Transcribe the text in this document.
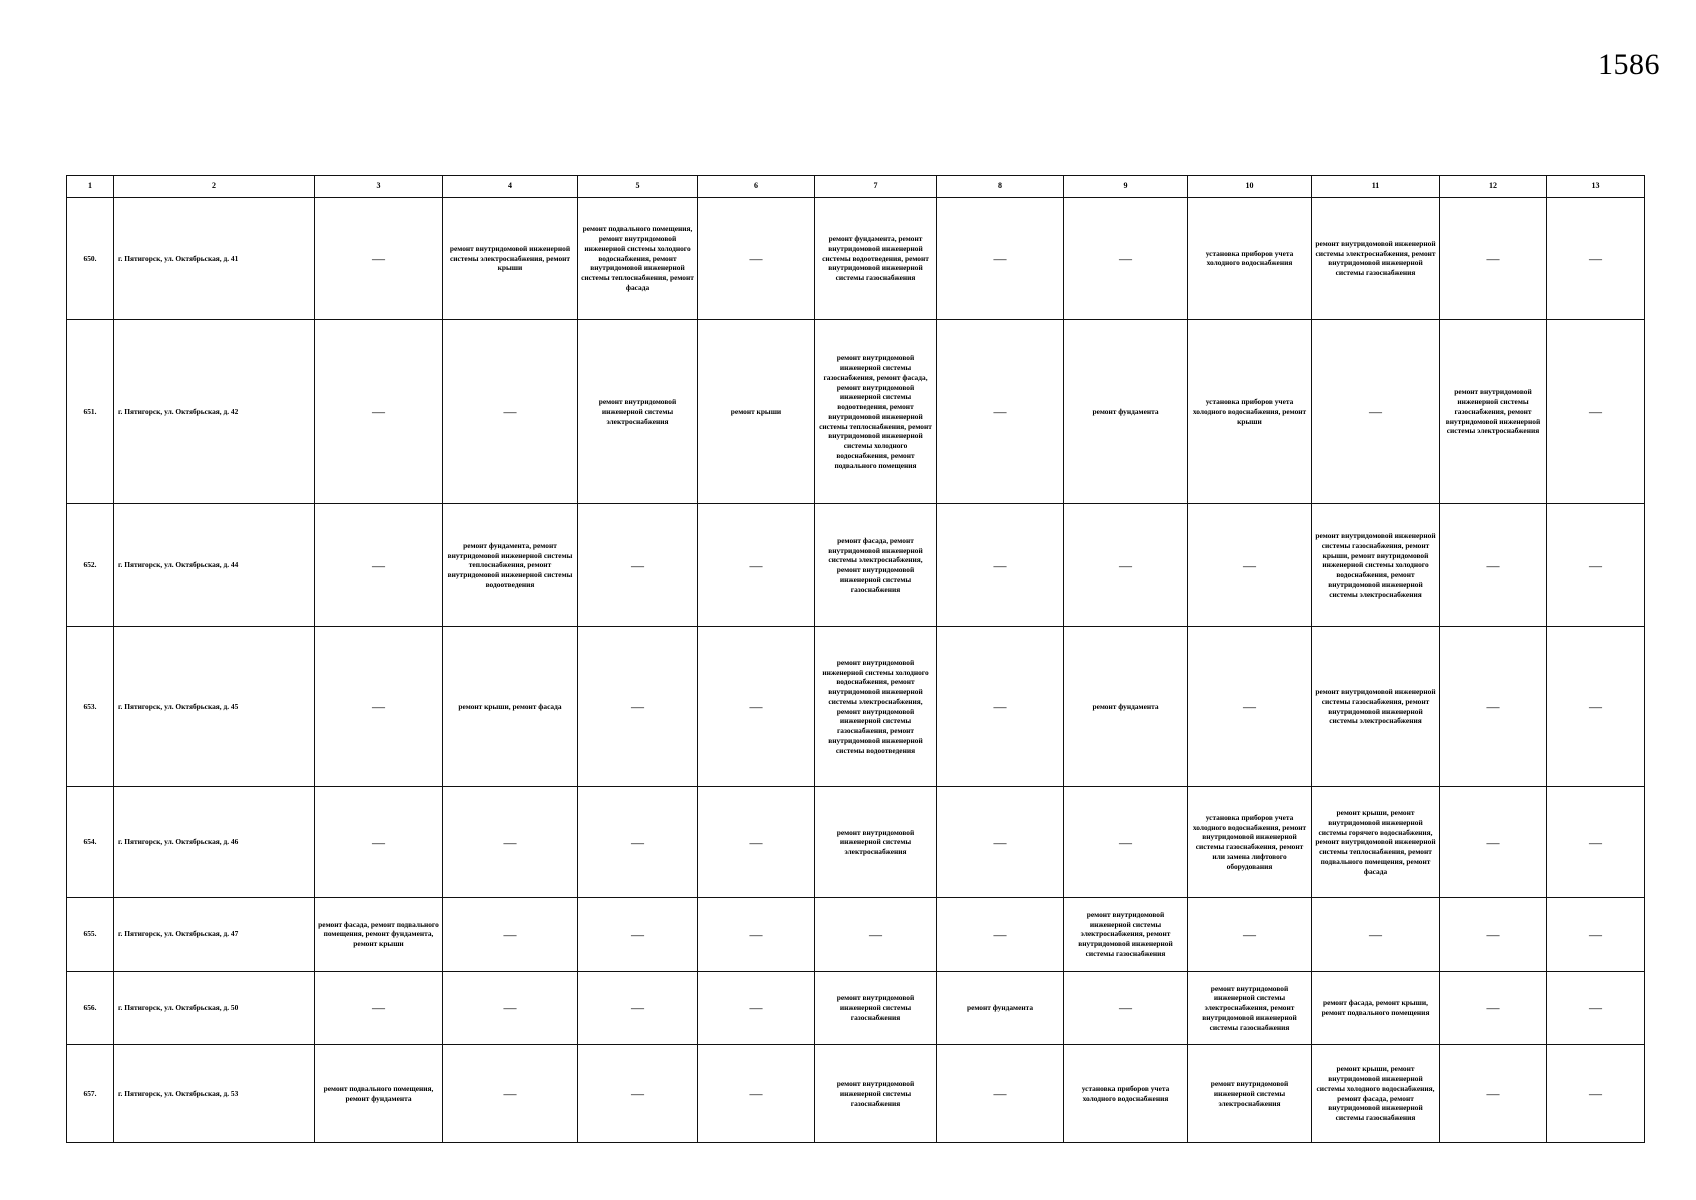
1586
1	2	3	4	5	6	7	8	9	10	11	12	13
650.	г. Пятигорск, ул. Октябрьская, д. 41	—	ремонт внутридомовой инженерной системы электроснабжения, ремонт крыши	ремонт подвального помещения, ремонт внутридомовой инженерной системы холодного водоснабжения, ремонт внутридомовой инженерной системы теплоснабжения, ремонт фасада	—	ремонт фундамента, ремонт внутридомовой инженерной системы водоотведения, ремонт внутридомовой инженерной системы газоснабжения	—	—	установка приборов учета холодного водоснабжения	ремонт внутридомовой инженерной системы электроснабжения, ремонт внутридомовой инженерной системы газоснабжения	—	—
651.	г. Пятигорск, ул. Октябрьская, д. 42	—	—	ремонт внутридомовой инженерной системы электроснабжения	ремонт крыши	ремонт внутридомовой инженерной системы газоснабжения, ремонт фасада, ремонт внутридомовой инженерной системы водоотведения, ремонт внутридомовой инженерной системы теплоснабжения, ремонт внутридомовой инженерной системы холодного водоснабжения, ремонт подвального помещения	—	ремонт фундамента	установка приборов учета холодного водоснабжения, ремонт крыши	—	ремонт внутридомовой инженерной системы газоснабжения, ремонт внутридомовой инженерной системы электроснабжения	—
652.	г. Пятигорск, ул. Октябрьская, д. 44	—	ремонт фундамента, ремонт внутридомовой инженерной системы теплоснабжения, ремонт внутридомовой инженерной системы водоотведения	—	—	ремонт фасада, ремонт внутридомовой инженерной системы электроснабжения, ремонт внутридомовой инженерной системы газоснабжения	—	—	—	ремонт внутридомовой инженерной системы газоснабжения, ремонт крыши, ремонт внутридомовой инженерной системы холодного водоснабжения, ремонт внутридомовой инженерной системы электроснабжения	—	—
653.	г. Пятигорск, ул. Октябрьская, д. 45	—	ремонт крыши, ремонт фасада	—	—	ремонт внутридомовой инженерной системы холодного водоснабжения, ремонт внутридомовой инженерной системы электроснабжения, ремонт внутридомовой инженерной системы газоснабжения, ремонт внутридомовой инженерной системы водоотведения	—	ремонт фундамента	—	ремонт внутридомовой инженерной системы газоснабжения, ремонт внутридомовой инженерной системы электроснабжения	—	—
654.	г. Пятигорск, ул. Октябрьская, д. 46	—	—	—	—	ремонт внутридомовой инженерной системы электроснабжения	—	—	установка приборов учета холодного водоснабжения, ремонт внутридомовой инженерной системы газоснабжения, ремонт или замена лифтового оборудования	ремонт крыши, ремонт внутридомовой инженерной системы горячего водоснабжения, ремонт внутридомовой инженерной системы теплоснабжения, ремонт подвального помещения, ремонт фасада	—	—
655.	г. Пятигорск, ул. Октябрьская, д. 47	ремонт фасада, ремонт подвального помещения, ремонт фундамента, ремонт крыши	—	—	—	—	—	ремонт внутридомовой инженерной системы электроснабжения, ремонт внутридомовой инженерной системы газоснабжения	—	—	—	—
656.	г. Пятигорск, ул. Октябрьская, д. 50	—	—	—	—	ремонт внутридомовой инженерной системы газоснабжения	ремонт фундамента	—	ремонт внутридомовой инженерной системы электроснабжения, ремонт внутридомовой инженерной системы газоснабжения	ремонт фасада, ремонт крыши, ремонт подвального помещения	—	—
657.	г. Пятигорск, ул. Октябрьская, д. 53	ремонт подвального помещения, ремонт фундамента	—	—	—	ремонт внутридомовой инженерной системы газоснабжения	—	установка приборов учета холодного водоснабжения	ремонт внутридомовой инженерной системы электроснабжения	ремонт крыши, ремонт внутридомовой инженерной системы холодного водоснабжения, ремонт фасада, ремонт внутридомовой инженерной системы газоснабжения	—	—
